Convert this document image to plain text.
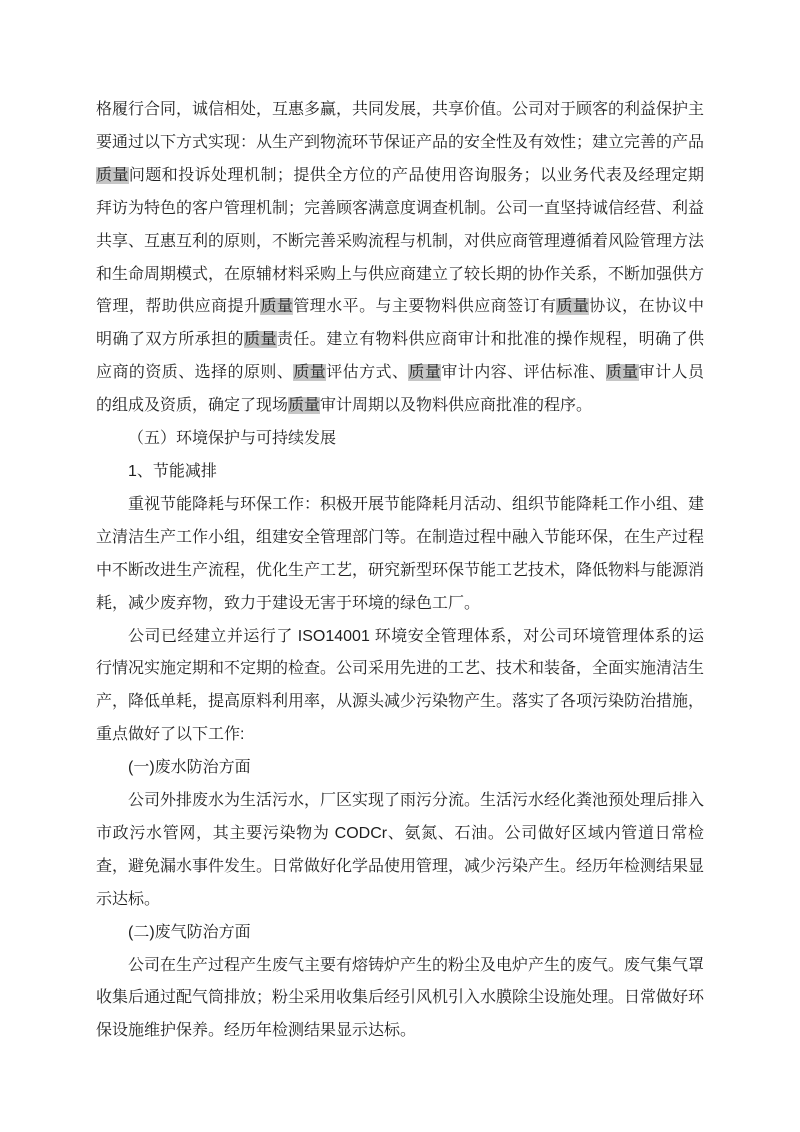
格履行合同，诚信相处，互惠多赢，共同发展，共享价值。公司对于顾客的利益保护主要通过以下方式实现：从生产到物流环节保证产品的安全性及有效性；建立完善的产品质量问题和投诉处理机制；提供全方位的产品使用咨询服务；以业务代表及经理定期拜访为特色的客户管理机制；完善顾客满意度调查机制。公司一直坚持诚信经营、利益共享、互惠互利的原则，不断完善采购流程与机制，对供应商管理遵循着风险管理方法和生命周期模式，在原辅材料采购上与供应商建立了较长期的协作关系，不断加强供方管理，帮助供应商提升质量管理水平。与主要物料供应商签订有质量协议，在协议中明确了双方所承担的质量责任。建立有物料供应商审计和批准的操作规程，明确了供应商的资质、选择的原则、质量评估方式、质量审计内容、评估标准、质量审计人员的组成及资质，确定了现场质量审计周期以及物料供应商批准的程序。

（五）环境保护与可持续发展

1、节能减排

重视节能降耗与环保工作：积极开展节能降耗月活动、组织节能降耗工作小组、建立清洁生产工作小组，组建安全管理部门等。在制造过程中融入节能环保，在生产过程中不断改进生产流程，优化生产工艺，研究新型环保节能工艺技术，降低物料与能源消耗，减少废弃物，致力于建设无害于环境的绿色工厂。

公司已经建立并运行了 ISO14001 环境安全管理体系，对公司环境管理体系的运行情况实施定期和不定期的检查。公司采用先进的工艺、技术和装备，全面实施清洁生产，降低单耗，提高原料利用率，从源头减少污染物产生。落实了各项污染防治措施，重点做好了以下工作:

(一)废水防治方面

公司外排废水为生活污水，厂区实现了雨污分流。生活污水经化粪池预处理后排入市政污水管网，其主要污染物为 CODCr、氨氮、石油。公司做好区域内管道日常检查，避免漏水事件发生。日常做好化学品使用管理，减少污染产生。经历年检测结果显示达标。

(二)废气防治方面

公司在生产过程产生废气主要有熔铸炉产生的粉尘及电炉产生的废气。废气集气罩收集后通过配气筒排放；粉尘采用收集后经引风机引入水膜除尘设施处理。日常做好环保设施维护保养。经历年检测结果显示达标。
